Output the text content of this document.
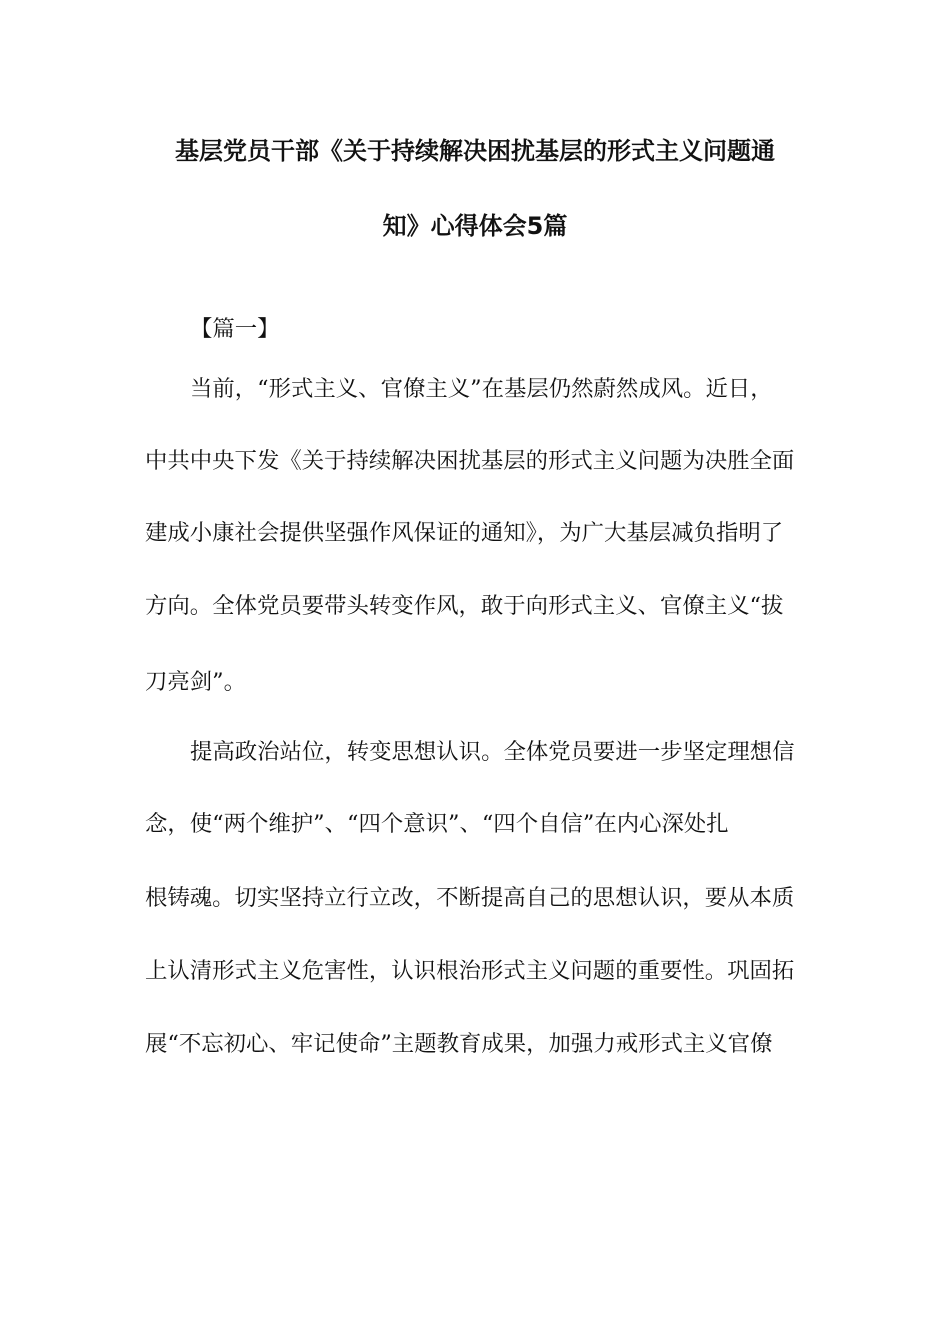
基层党员干部《关于持续解决困扰基层的形式主义问题通
知》心得体会5篇
【篇一】
当前，“形式主义、官僚主义”在基层仍然蔚然成风。近日，
中共中央下发《关于持续解决困扰基层的形式主义问题为决胜全面
建成小康社会提供坚强作风保证的通知》，为广大基层减负指明了
方向。全体党员要带头转变作风，敢于向形式主义、官僚主义“拔
刀亮剑”。
提高政治站位，转变思想认识。全体党员要进一步坚定理想信
念，使“两个维护”、“四个意识”、“四个自信”在内心深处扎
根铸魂。切实坚持立行立改，不断提高自己的思想认识，要从本质
上认清形式主义危害性，认识根治形式主义问题的重要性。巩固拓
展“不忘初心、牢记使命”主题教育成果，加强力戒形式主义官僚
